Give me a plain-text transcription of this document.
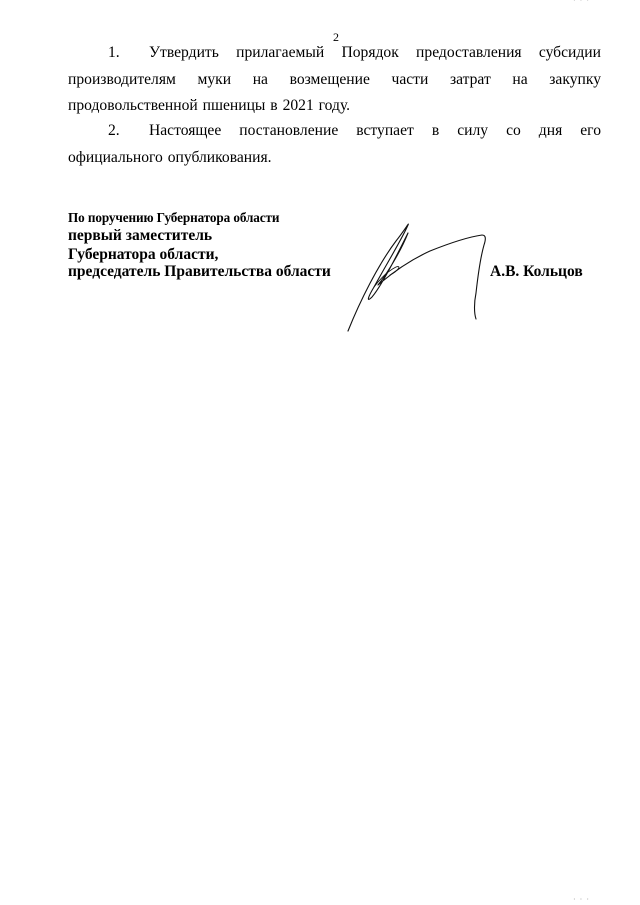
· · ·
2
1. Утвердить прилагаемый Порядок предоставления субсидии производителям муки на возмещение части затрат на закупку продовольственной пшеницы в 2021 году.
2. Настоящее постановление вступает в силу со дня его официального опубликования.
По поручению Губернатора области
первый заместитель
Губернатора области,
председатель Правительства области	А.В. Кольцов
· · ·
